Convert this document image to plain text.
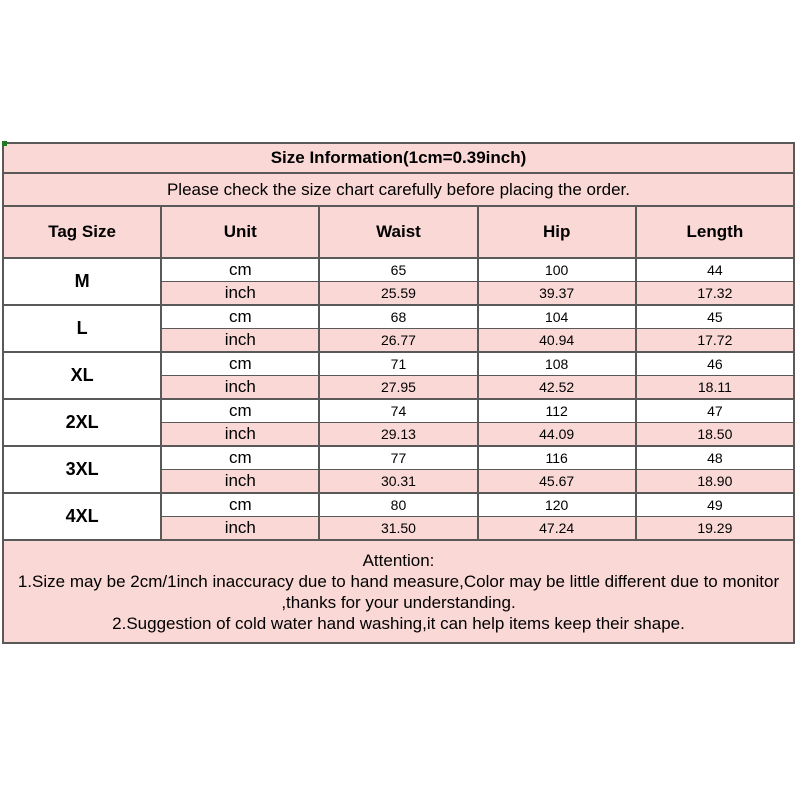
Size Information(1cm=0.39inch)				
Please check the size chart carefully before placing the order.				
Tag Size	Unit	Waist	Hip	Length
M	cm	65	100	44
	inch	25.59	39.37	17.32
L	cm	68	104	45
	inch	26.77	40.94	17.72
XL	cm	71	108	46
	inch	27.95	42.52	18.11
2XL	cm	74	112	47
	inch	29.13	44.09	18.50
3XL	cm	77	116	48
	inch	30.31	45.67	18.90
4XL	cm	80	120	49
	inch	31.50	47.24	19.29

Attention:
1.Size may be 2cm/1inch inaccuracy due to hand measure,Color may be little different due to monitor
,thanks for your understanding.
2.Suggestion of cold water hand washing,it can help items keep their shape.				
